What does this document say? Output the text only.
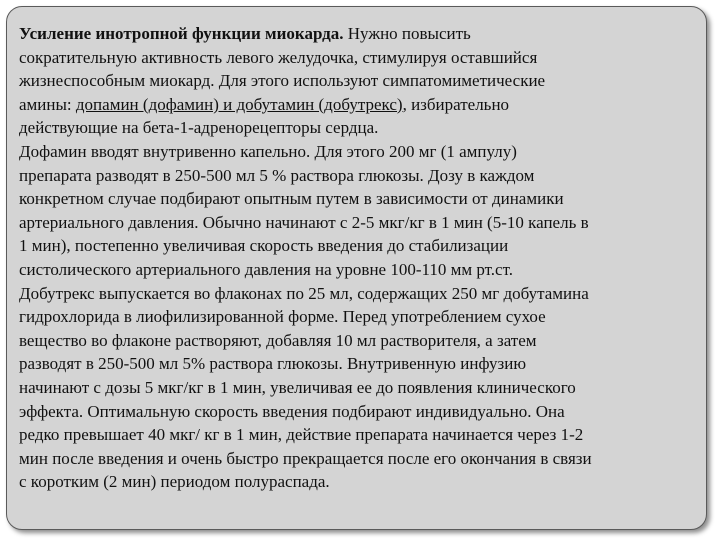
Усиление инотропной функции миокарда. Нужно повысить
сократительную активность левого желудочка, стимулируя оставшийся
жизнеспособным миокард. Для этого используют симпатомиметические
амины: допамин (дофамин) и добутамин (добутрекс), избирательно
действующие на бета-1-адренорецепторы сердца.
Дофамин вводят внутривенно капельно. Для этого 200 мг (1 ампулу)
препарата разводят в 250-500 мл 5 % раствора глюкозы. Дозу в каждом
конкретном случае подбирают опытным путем в зависимости от динамики
артериального давления. Обычно начинают с 2-5 мкг/кг в 1 мин (5-10 капель в
1 мин), постепенно увеличивая скорость введения до стабилизации
систолического артериального давления на уровне 100-110 мм рт.ст.
Добутрекс выпускается во флаконах по 25 мл, содержащих 250 мг добутамина
гидрохлорида в лиофилизированной форме. Перед употреблением сухое
вещество во флаконе растворяют, добавляя 10 мл растворителя, а затем
разводят в 250-500 мл 5% раствора глюкозы. Внутривенную инфузию
начинают с дозы 5 мкг/кг в 1 мин, увеличивая ее до появления клинического
эффекта. Оптимальную скорость введения подбирают индивидуально. Она
редко превышает 40 мкг/ кг в 1 мин, действие препарата начинается через 1-2
мин после введения и очень быстро прекращается после его окончания в связи
с коротким (2 мин) периодом полураспада.
